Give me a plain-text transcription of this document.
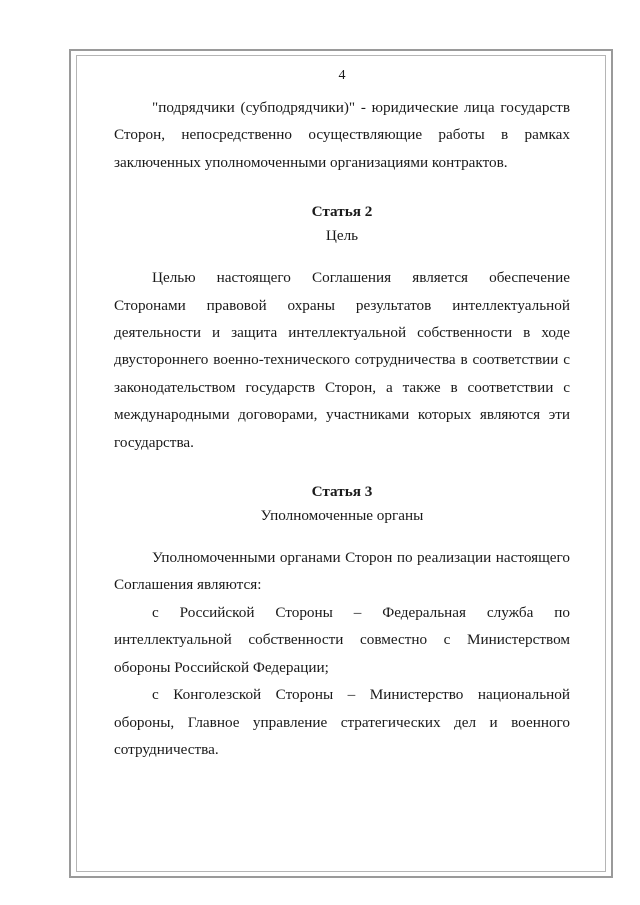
4

"подрядчики (субподрядчики)" - юридические лица государств Сторон, непосредственно осуществляющие работы в рамках заключенных уполномоченными организациями контрактов.

Статья 2
Цель

Целью настоящего Соглашения является обеспечение Сторонами правовой охраны результатов интеллектуальной деятельности и защита интеллектуальной собственности в ходе двустороннего военно-технического сотрудничества в соответствии с законодательством государств Сторон, а также в соответствии с международными договорами, участниками которых являются эти государства.

Статья 3
Уполномоченные органы

Уполномоченными органами Сторон по реализации настоящего Соглашения являются:

с Российской Стороны – Федеральная служба по интеллектуальной собственности совместно с Министерством обороны Российской Федерации;

с Конголезской Стороны – Министерство национальной обороны, Главное управление стратегических дел и военного сотрудничества.
